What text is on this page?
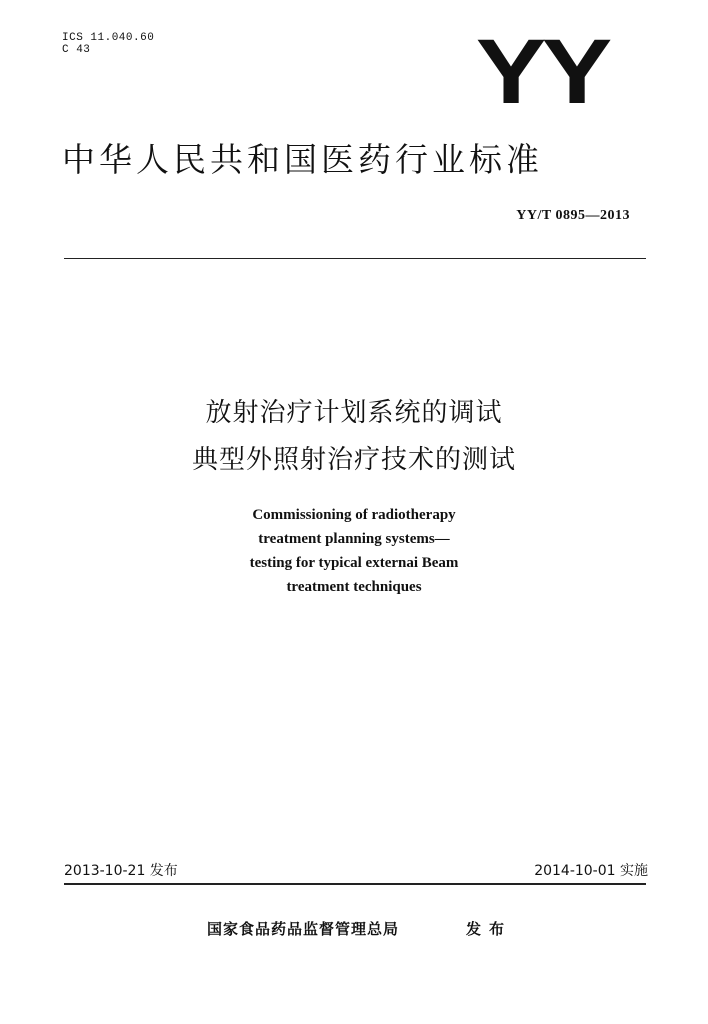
ICS 11.040.60
C 43	YY
中华人民共和国医药行业标准
YY/T 0895—2013
放射治疗计划系统的调试
典型外照射治疗技术的测试
Commissioning of radiotherapy
treatment planning systems—
testing for typical externai Beam
treatment techniques
2013-10-21 发布	2014-10-01 实施
国家食品药品监督管理总局	发布
